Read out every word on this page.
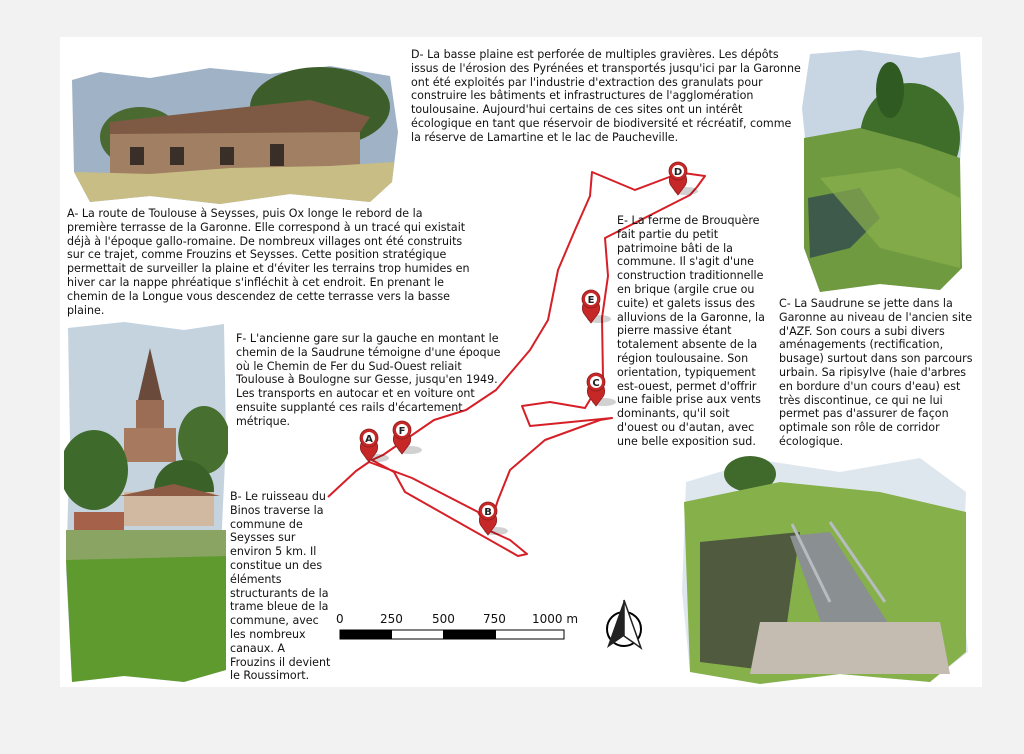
A
B
C
D
E
F
0	250 500 750 1000 m
D- La basse plaine est perforée de multiples gravières. Les dépôts issus de l'érosion des Pyrénées et transportés jusqu'ici par la Garonne ont été exploités par l'industrie d'extraction des granulats pour construire les bâtiments et infrastructures de l'agglomération toulousaine. Aujourd'hui certains de ces sites ont un intérêt écologique en tant que réservoir de biodiversité et récréatif, comme la réserve de Lamartine et le lac de Paucheville.
A- La route de Toulouse à Seysses, puis Ox longe le rebord de la première terrasse de la Garonne. Elle correspond à un tracé qui existait déjà à l'époque gallo-romaine. De nombreux villages ont été construits sur ce trajet, comme Frouzins et Seysses. Cette position stratégique permettait de surveiller la plaine et d'éviter les terrains trop humides en hiver car la nappe phréatique s'infléchit à cet endroit. En prenant le chemin de la Longue vous descendez de cette terrasse vers la basse plaine.
E- La ferme de Brouquère fait partie du petit patrimoine bâti de la commune. Il s'agit d'une construction traditionnelle en brique (argile crue ou cuite) et galets issus des alluvions de la Garonne, la pierre massive étant totalement absente de la région toulousaine. Son orientation, typiquement est-ouest, permet d'offrir une faible prise aux vents dominants, qu'il soit d'ouest ou d'autan, avec une belle exposition sud.
C- La Saudrune se jette dans la Garonne au niveau de l'ancien site d'AZF. Son cours a subi divers aménagements (rectification, busage) surtout dans son parcours urbain. Sa ripisylve (haie d'arbres en bordure d'un cours d'eau) est très discontinue, ce qui ne lui permet pas d'assurer de façon optimale son rôle de corridor écologique.
F- L'ancienne gare sur la gauche en montant le chemin de la Saudrune témoigne d'une époque où le Chemin de Fer du Sud-Ouest reliait Toulouse à Boulogne sur Gesse, jusqu'en 1949. Les transports en autocar et en voiture ont ensuite supplanté ces rails d'écartement métrique.
B- Le ruisseau du Binos traverse la commune de Seysses sur environ 5 km. Il constitue un des éléments structurants de la trame bleue de la commune, avec les nombreux canaux. A Frouzins il devient le Roussimort.
